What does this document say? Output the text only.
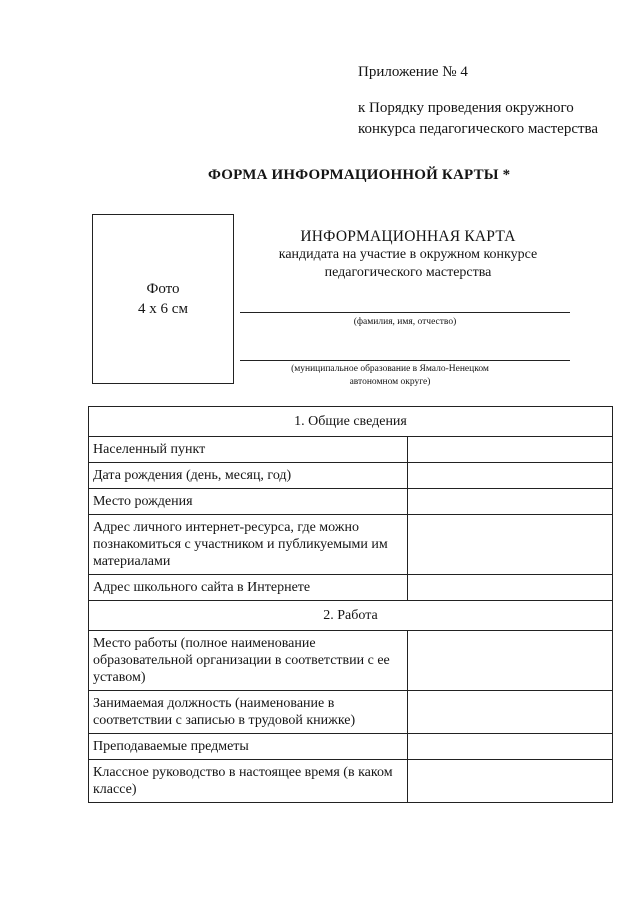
Приложение № 4
к Порядку проведения окружного
конкурса педагогического мастерства
ФОРМА ИНФОРМАЦИОННОЙ КАРТЫ *
Фото
4 х 6 см
ИНФОРМАЦИОННАЯ КАРТА
кандидата на участие в окружном конкурсе
педагогического мастерства
(фамилия, имя, отчество)
(муниципальное образование в Ямало-Ненецком
автономном округе)
1. Общие сведения	
Населенный пункт	
Дата рождения (день, месяц, год)	
Место рождения	
Адрес личного интернет-ресурса, где можно познакомиться с участником и публикуемыми им материалами	
Адрес школьного сайта в Интернете	
2. Работа	
Место работы (полное наименование образовательной организации в соответствии с ее уставом)	
Занимаемая должность (наименование в соответствии с записью в трудовой книжке)	
Преподаваемые предметы	
Классное руководство в настоящее время (в каком классе)	
